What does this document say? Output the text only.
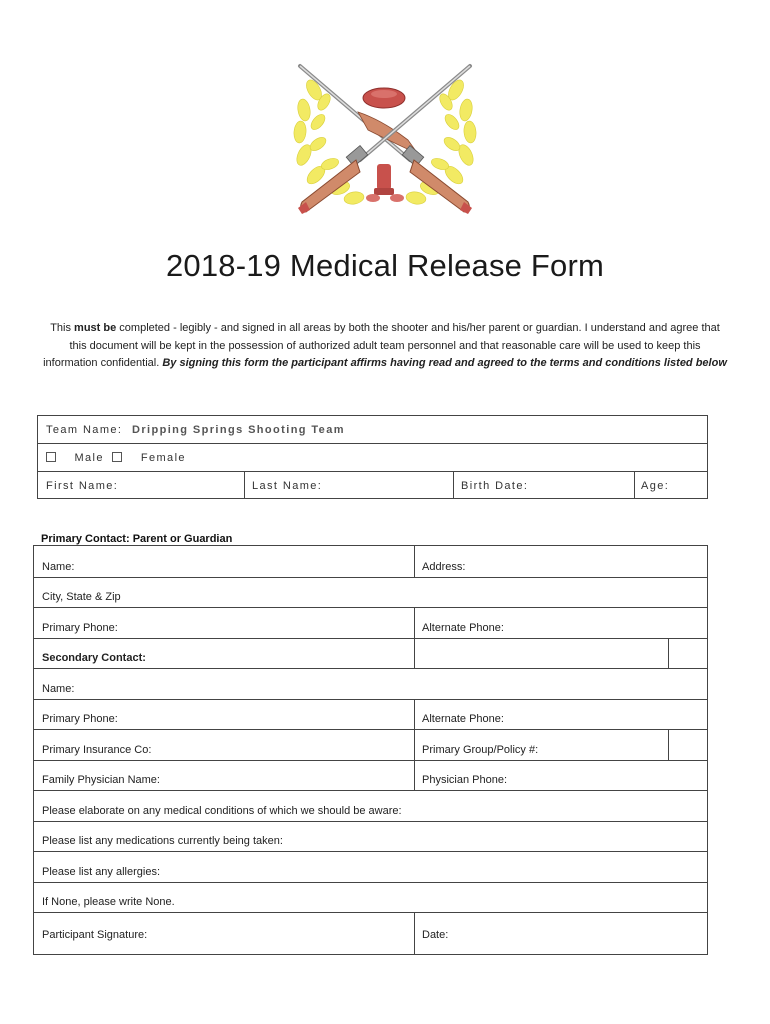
2018-19 Medical Release Form
This must be completed - legibly - and signed in all areas by both the shooter and his/her parent or guardian. I understand and agree that this document will be kept in the possession of authorized adult team personnel and that reasonable care will be used to keep this information confidential. By signing this form the participant affirms having read and agreed to the terms and conditions listed below
Team Name: Dripping Springs Shooting Team
Male	Female
First Name:	Last Name:	Birth Date:	Age:
Primary Contact: Parent or Guardian
Name:	Address:
City, State & Zip
Primary Phone:	Alternate Phone:
Secondary Contact:
Name:
Primary Phone:	Alternate Phone:
Primary Insurance Co:	Primary Group/Policy #:
Family Physician Name:	Physician Phone:
Please elaborate on any medical conditions of which we should be aware:
Please list any medications currently being taken:
Please list any allergies:
If None, please write None.
Participant Signature:	Date:
